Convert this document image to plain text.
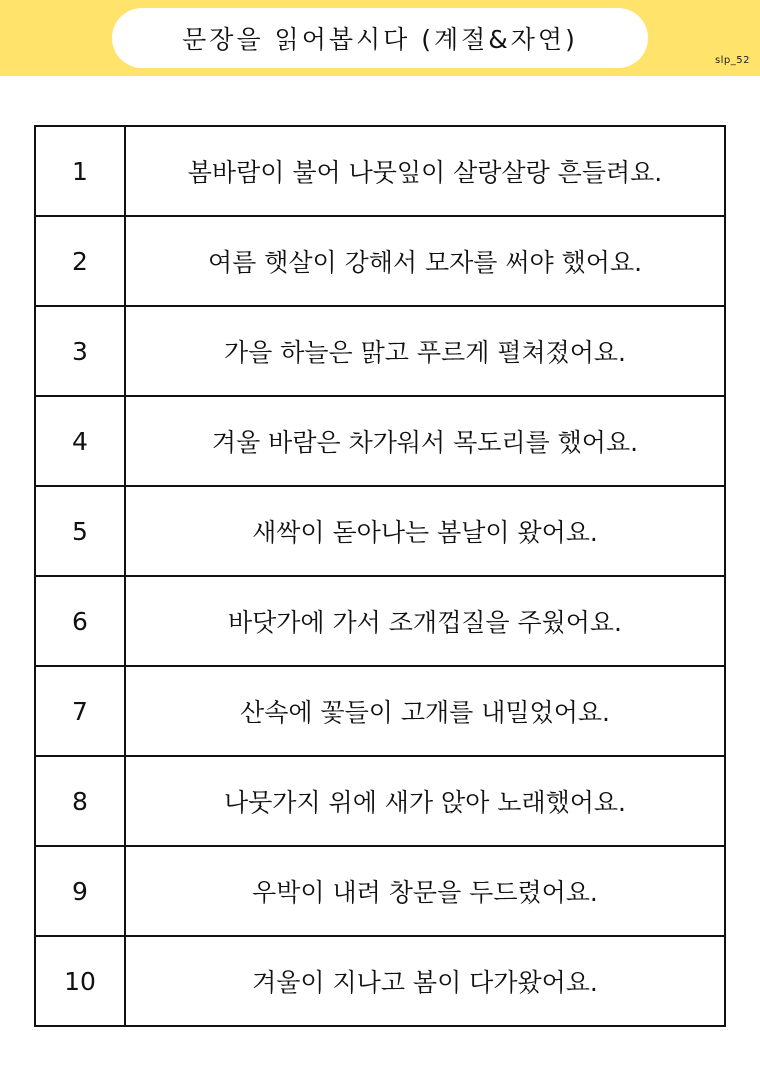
문장을 읽어봅시다 (계절&자연)
slp_52
1	봄바람이 불어 나뭇잎이 살랑살랑 흔들려요.
2	여름 햇살이 강해서 모자를 써야 했어요.
3	가을 하늘은 맑고 푸르게 펼쳐졌어요.
4	겨울 바람은 차가워서 목도리를 했어요.
5	새싹이 돋아나는 봄날이 왔어요.
6	바닷가에 가서 조개껍질을 주웠어요.
7	산속에 꽃들이 고개를 내밀었어요.
8	나뭇가지 위에 새가 앉아 노래했어요.
9	우박이 내려 창문을 두드렸어요.
10	겨울이 지나고 봄이 다가왔어요.
